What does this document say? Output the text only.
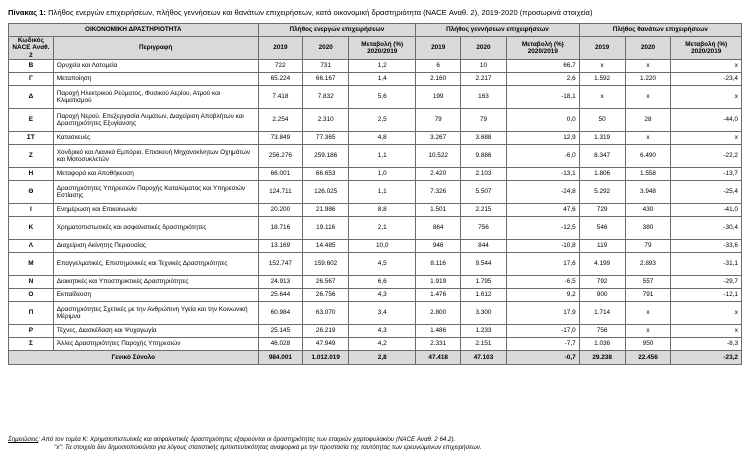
Πίνακας 1: Πλήθος ενεργών επιχειρήσεων, πλήθος γεννήσεων και θανάτων επιχειρήσεων, κατά οικονομική δραστηριότητα (NACE Αναθ. 2), 2019-2020 (προσωρινά στοιχεία)
ΟΙΚΟΝΟΜΙΚΗ ΔΡΑΣΤΗΡΙΟΤΗΤΑ		Πλήθος ενεργών επιχειρήσεων			Πλήθος γεννήσεων επιχειρήσεων			Πλήθος θανάτων επιχειρήσεων		
Κωδικός NACE Αναθ. 2	Περιγραφή	2019	2020	Μεταβολή (%) 2020/2019	2019	2020	Μεταβολή (%) 2020/2019	2019	2020	Μεταβολή (%) 2020/2019
Β	Ορυχεία και Λατομεία	722	731	1,2	6	10	66,7	x	x	x
Γ	Μεταποίηση	65.224	66.167	1,4	2.160	2.217	2,6	1.592	1.220	-23,4
Δ	Παροχή Ηλεκτρικού Ρεύματος, Φυσικού Αερίου, Ατμού και Κλιματισμού	7.418	7.832	5,6	199	163	-18,1	x	x	x
Ε	Παροχή Νερού. Επεξεργασία Λυμάτων, Διαχείριση Αποβλήτων και Δραστηριότητες Εξυγίανσης	2.254	2.310	2,5	79	79	0,0	50	28	-44,0
ΣΤ	Κατασκευές	73.849	77.365	4,8	3.267	3.688	12,9	1.319	x	x
Ζ	Χονδρικό και Λιανικό Εμπόριο. Επισκευή Μηχανοκίνητων Οχημάτων και Μοτοσυκλετών	256.276	259.186	1,1	10.522	9.886	-6,0	8.347	6.490	-22,2
Η	Μεταφορά και Αποθήκευση	66.001	66.653	1,0	2.420	2.103	-13,1	1.806	1.558	-13,7
Θ	Δραστηριότητες Υπηρεσιών Παροχής Καταλύματος και Υπηρεσιών Εστίασης	124.711	126.025	1,1	7.326	5.507	-24,8	5.292	3.948	-25,4
Ι	Ενημέρωση και Επικοινωνία	20.200	21.986	8,8	1.501	2.215	47,6	729	430	-41,0
Κ	Χρηματοπιστωτικές και ασφαλιστικές δραστηριότητες	18.716	19.116	2,1	864	756	-12,5	546	380	-30,4
Λ	Διαχείριση Ακίνητης Περιουσίας	13.169	14.485	10,0	946	844	-10,8	119	79	-33,6
Μ	Επαγγελματικές, Επιστημονικές και Τεχνικές Δραστηριότητες	152.747	159.602	4,5	8.116	9.544	17,6	4.199	2.893	-31,1
Ν	Διοικητικές και Υποστηρικτικές Δραστηριότητες	24.913	26.567	6,6	1.919	1.795	-6,5	792	557	-29,7
Ο	Εκπαίδευση	25.644	26.756	4,3	1.476	1.612	9,2	900	791	-12,1
Π	Δραστηριότητες Σχετικές με την Ανθρώπινη Υγεία και την Κοινωνική Μέριμνα	60.984	63.070	3,4	2.800	3.300	17,9	1.714	x	x
Ρ	Τέχνες, Διασκέδαση και Ψυχαγωγία	25.145	26.219	4,3	1.486	1.233	-17,0	756	x	x
Σ	Άλλες Δραστηριότητες Παροχής Υπηρεσιών	46.028	47.949	4,2	2.331	2.151	-7,7	1.036	950	-8,3
Γενικό Σύνολο		984.001	1.012.019	2,8	47.418	47.103	-0,7	29.238	22.456	-23,2
Σημειώσεις: Από τον τομέα Κ: Χρηματοπιστωτικές και ασφαλιστικές δραστηριότητες εξαιρούνται οι δραστηριότητες των εταιριών χαρτοφυλακίου (NACE Αναθ. 2 64.2).
"x": Τα στοιχεία δεν δημοσιοποιούνται για λόγους στατιστικής εμπιστευτικότητας αναφορικά με την προστασία της ταυτότητας των ερευνώμενων επιχειρήσεων.
